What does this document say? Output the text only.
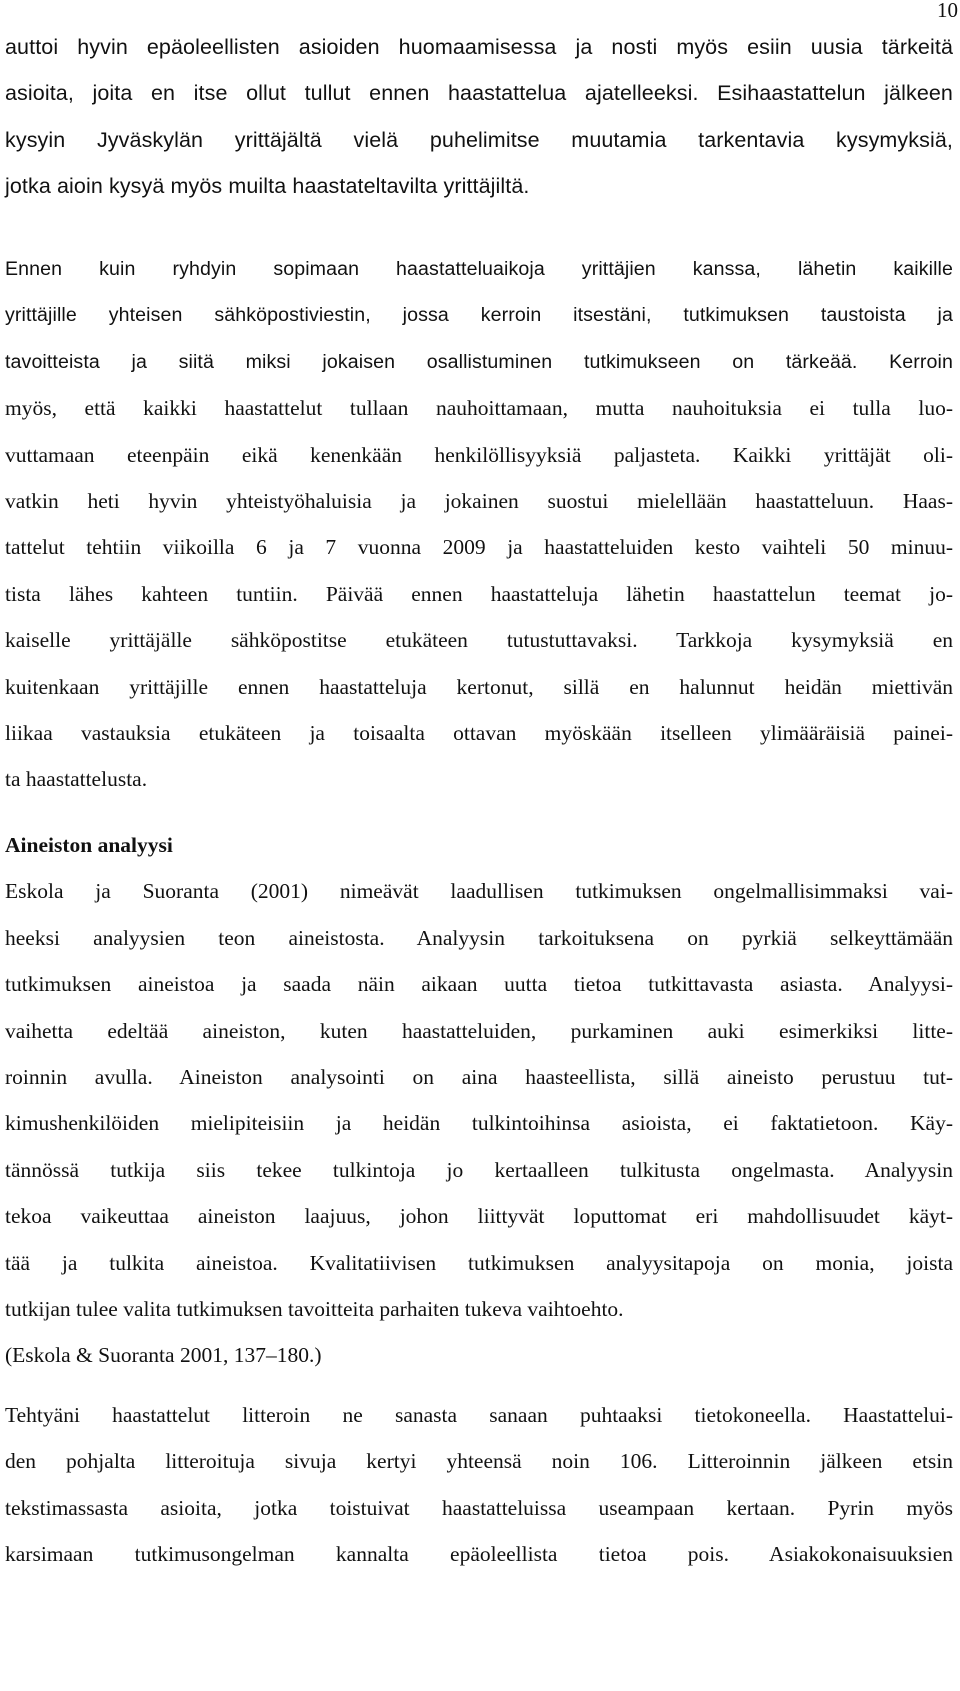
10
auttoi hyvin epäoleellisten asioiden huomaamisessa ja nosti myös esiin uusia tärkeitä
asioita, joita en itse ollut tullut ennen haastattelua ajatelleeksi. Esihaastattelun jälkeen
kysyin Jyväskylän yrittäjältä vielä puhelimitse muutamia tarkentavia kysymyksiä,
jotka aioin kysyä myös muilta haastateltavilta yrittäjiltä.
Ennen kuin ryhdyin sopimaan haastatteluaikoja yrittäjien kanssa, lähetin kaikille
yrittäjille yhteisen sähköpostiviestin, jossa kerroin itsestäni, tutkimuksen taustoista ja
tavoitteista ja siitä miksi jokaisen osallistuminen tutkimukseen on tärkeää. Kerroin
myös, että kaikki haastattelut tullaan nauhoittamaan, mutta nauhoituksia ei tulla luo-
vuttamaan eteenpäin eikä kenenkään henkilöllisyyksiä paljasteta. Kaikki yrittäjät oli-
vatkin heti hyvin yhteistyöhaluisia ja jokainen suostui mielellään haastatteluun. Haas-
tattelut tehtiin viikoilla 6 ja 7 vuonna 2009 ja haastatteluiden kesto vaihteli 50 minuu-
tista lähes kahteen tuntiin. Päivää ennen haastatteluja lähetin haastattelun teemat jo-
kaiselle yrittäjälle sähköpostitse etukäteen tutustuttavaksi. Tarkkoja kysymyksiä en
kuitenkaan yrittäjille ennen haastatteluja kertonut, sillä en halunnut heidän miettivän
liikaa vastauksia etukäteen ja toisaalta ottavan myöskään itselleen ylimääräisiä painei-
ta haastattelusta.
Aineiston analyysi
Eskola ja Suoranta (2001) nimeävät laadullisen tutkimuksen ongelmallisimmaksi vai-
heeksi analyysien teon aineistosta. Analyysin tarkoituksena on pyrkiä selkeyttämään
tutkimuksen aineistoa ja saada näin aikaan uutta tietoa tutkittavasta asiasta. Analyysi-
vaihetta edeltää aineiston, kuten haastatteluiden, purkaminen auki esimerkiksi litte-
roinnin avulla. Aineiston analysointi on aina haasteellista, sillä aineisto perustuu tut-
kimushenkilöiden mielipiteisiin ja heidän tulkintoihinsa asioista, ei faktatietoon. Käy-
tännössä tutkija siis tekee tulkintoja jo kertaalleen tulkitusta ongelmasta. Analyysin
tekoa vaikeuttaa aineiston laajuus, johon liittyvät loputtomat eri mahdollisuudet käyt-
tää ja tulkita aineistoa. Kvalitatiivisen tutkimuksen analyysitapoja on monia, joista
tutkijan tulee valita tutkimuksen tavoitteita parhaiten tukeva vaihtoehto.
(Eskola & Suoranta 2001, 137–180.)
Tehtyäni haastattelut litteroin ne sanasta sanaan puhtaaksi tietokoneella. Haastattelui-
den pohjalta litteroituja sivuja kertyi yhteensä noin 106. Litteroinnin jälkeen etsin
tekstimassasta asioita, jotka toistuivat haastatteluissa useampaan kertaan. Pyrin myös
karsimaan tutkimusongelman kannalta epäoleellista tietoa pois. Asiakokonaisuuksien
